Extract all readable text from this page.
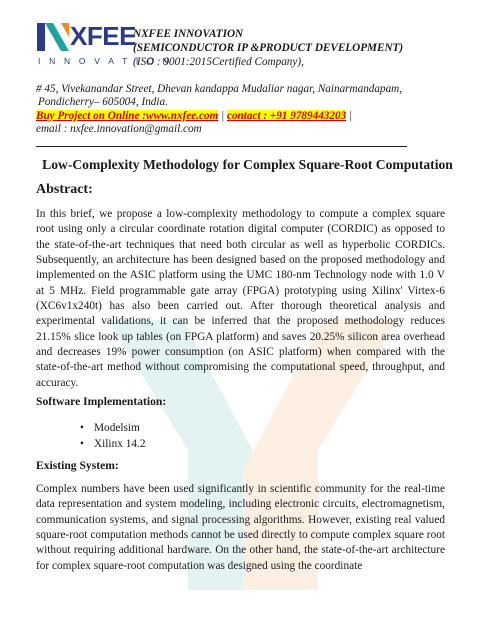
XFEE
I N N O V A T I O N
NXFEE INNOVATION
(SEMICONDUCTOR IP &PRODUCT DEVELOPMENT)
(ISO : 9001:2015Certified Company),
# 45, Vivekanandar Street, Dhevan kandappa Mudaliar nagar, Nainarmandapam,
Pondicherry– 605004, India.
Buy Project on Online :www.nxfee.com | contact : +91 9789443203 |
email : nxfee.innovation@gmail.com
Low-Complexity Methodology for Complex Square-Root Computation
Abstract:
In this brief, we propose a low-complexity methodology to compute a complex square root using only a circular coordinate rotation digital computer (CORDIC) as opposed to the state-of-the-art techniques that need both circular as well as hyperbolic CORDICs. Subsequently, an architecture has been designed based on the proposed methodology and implemented on the ASIC platform using the UMC 180-nm Technology node with 1.0 V at 5 MHz. Field programmable gate array (FPGA) prototyping using Xilinx' Virtex-6 (XC6v1x240t) has also been carried out. After thorough theoretical analysis and experimental validations, it can be inferred that the proposed methodology reduces 21.15% slice look up tables (on FPGA platform) and saves 20.25% silicon area overhead and decreases 19% power consumption (on ASIC platform) when compared with the state-of-the-art method without compromising the computational speed, throughput, and accuracy.
Software Implementation:
• Modelsim
• Xilinx 14.2
Existing System:
Complex numbers have been used significantly in scientific community for the real-time data representation and system modeling, including electronic circuits, electromagnetism, communication systems, and signal processing algorithms. However, existing real valued square-root computation methods cannot be used directly to compute complex square root without requiring additional hardware. On the other hand, the state-of-the-art architecture for complex square-root computation was designed using the coordinate
